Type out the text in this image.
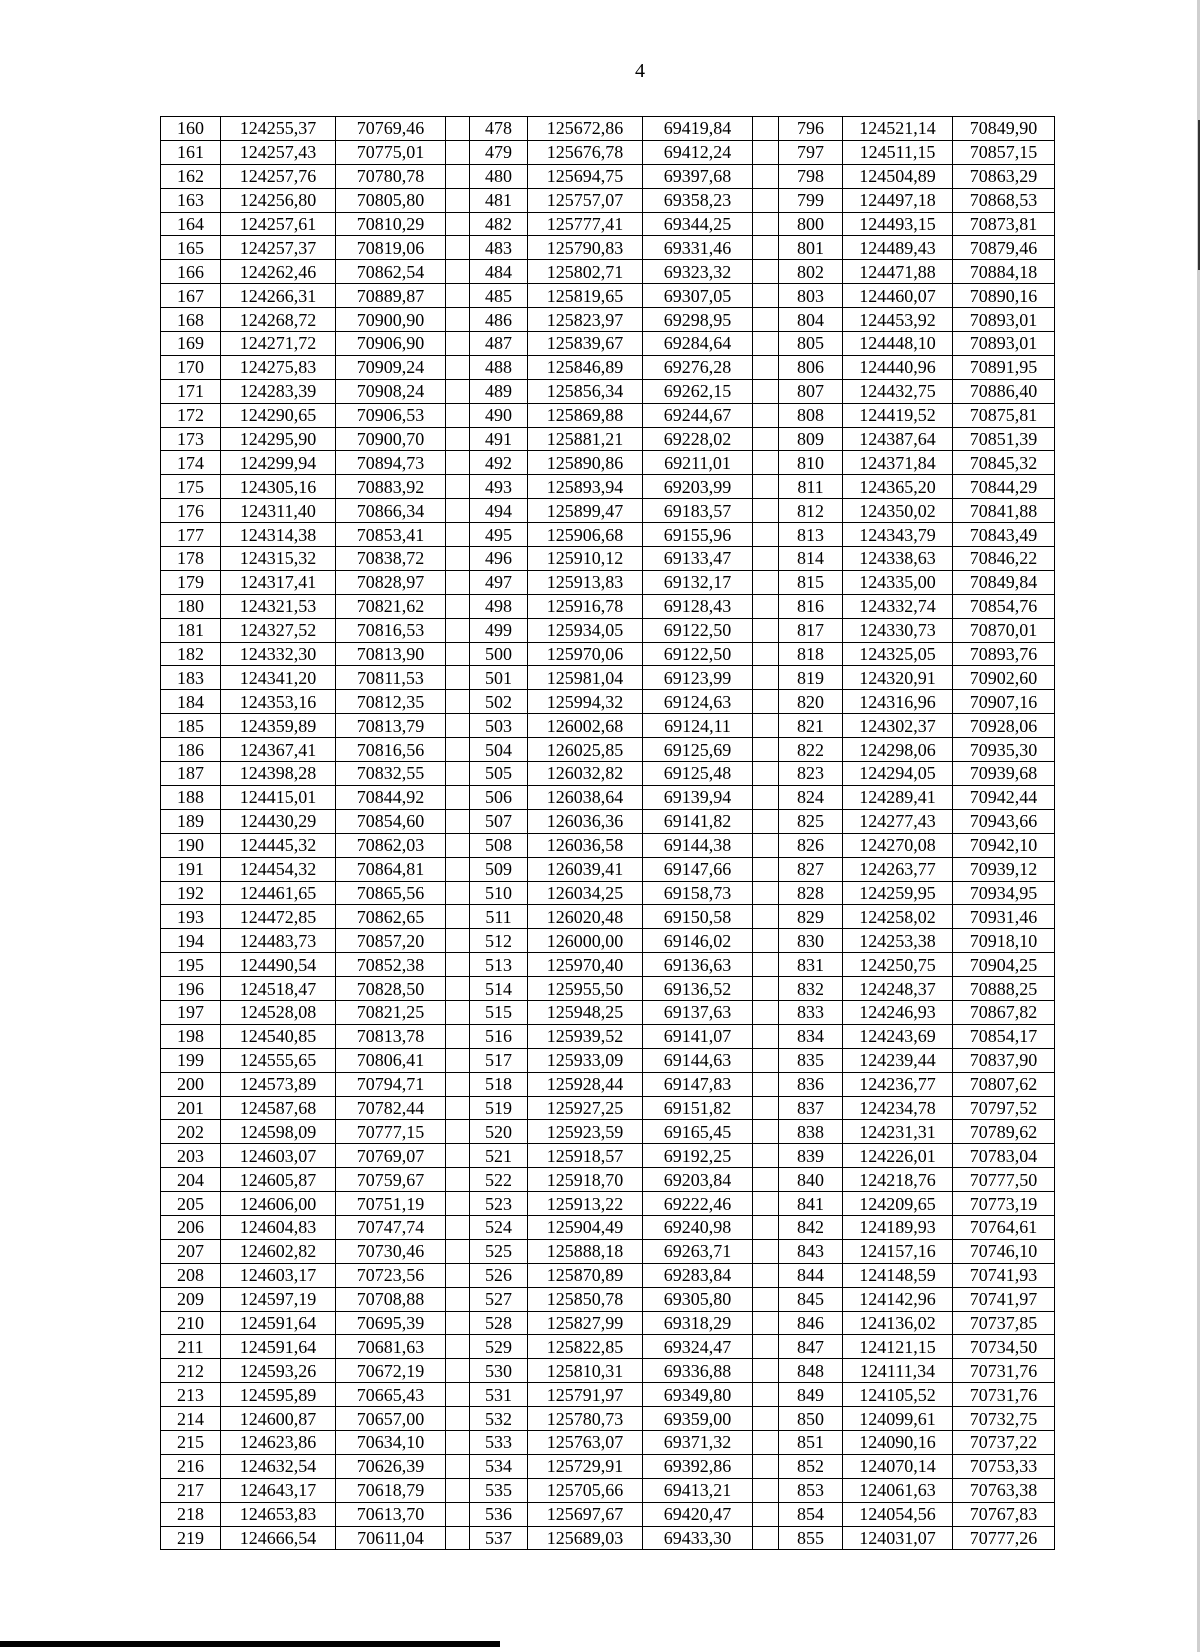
4
160	124255,37	70769,46		478	125672,86	69419,84		796	124521,14	70849,90
161	124257,43	70775,01		479	125676,78	69412,24		797	124511,15	70857,15
162	124257,76	70780,78		480	125694,75	69397,68		798	124504,89	70863,29
163	124256,80	70805,80		481	125757,07	69358,23		799	124497,18	70868,53
164	124257,61	70810,29		482	125777,41	69344,25		800	124493,15	70873,81
165	124257,37	70819,06		483	125790,83	69331,46		801	124489,43	70879,46
166	124262,46	70862,54		484	125802,71	69323,32		802	124471,88	70884,18
167	124266,31	70889,87		485	125819,65	69307,05		803	124460,07	70890,16
168	124268,72	70900,90		486	125823,97	69298,95		804	124453,92	70893,01
169	124271,72	70906,90		487	125839,67	69284,64		805	124448,10	70893,01
170	124275,83	70909,24		488	125846,89	69276,28		806	124440,96	70891,95
171	124283,39	70908,24		489	125856,34	69262,15		807	124432,75	70886,40
172	124290,65	70906,53		490	125869,88	69244,67		808	124419,52	70875,81
173	124295,90	70900,70		491	125881,21	69228,02		809	124387,64	70851,39
174	124299,94	70894,73		492	125890,86	69211,01		810	124371,84	70845,32
175	124305,16	70883,92		493	125893,94	69203,99		811	124365,20	70844,29
176	124311,40	70866,34		494	125899,47	69183,57		812	124350,02	70841,88
177	124314,38	70853,41		495	125906,68	69155,96		813	124343,79	70843,49
178	124315,32	70838,72		496	125910,12	69133,47		814	124338,63	70846,22
179	124317,41	70828,97		497	125913,83	69132,17		815	124335,00	70849,84
180	124321,53	70821,62		498	125916,78	69128,43		816	124332,74	70854,76
181	124327,52	70816,53		499	125934,05	69122,50		817	124330,73	70870,01
182	124332,30	70813,90		500	125970,06	69122,50		818	124325,05	70893,76
183	124341,20	70811,53		501	125981,04	69123,99		819	124320,91	70902,60
184	124353,16	70812,35		502	125994,32	69124,63		820	124316,96	70907,16
185	124359,89	70813,79		503	126002,68	69124,11		821	124302,37	70928,06
186	124367,41	70816,56		504	126025,85	69125,69		822	124298,06	70935,30
187	124398,28	70832,55		505	126032,82	69125,48		823	124294,05	70939,68
188	124415,01	70844,92		506	126038,64	69139,94		824	124289,41	70942,44
189	124430,29	70854,60		507	126036,36	69141,82		825	124277,43	70943,66
190	124445,32	70862,03		508	126036,58	69144,38		826	124270,08	70942,10
191	124454,32	70864,81		509	126039,41	69147,66		827	124263,77	70939,12
192	124461,65	70865,56		510	126034,25	69158,73		828	124259,95	70934,95
193	124472,85	70862,65		511	126020,48	69150,58		829	124258,02	70931,46
194	124483,73	70857,20		512	126000,00	69146,02		830	124253,38	70918,10
195	124490,54	70852,38		513	125970,40	69136,63		831	124250,75	70904,25
196	124518,47	70828,50		514	125955,50	69136,52		832	124248,37	70888,25
197	124528,08	70821,25		515	125948,25	69137,63		833	124246,93	70867,82
198	124540,85	70813,78		516	125939,52	69141,07		834	124243,69	70854,17
199	124555,65	70806,41		517	125933,09	69144,63		835	124239,44	70837,90
200	124573,89	70794,71		518	125928,44	69147,83		836	124236,77	70807,62
201	124587,68	70782,44		519	125927,25	69151,82		837	124234,78	70797,52
202	124598,09	70777,15		520	125923,59	69165,45		838	124231,31	70789,62
203	124603,07	70769,07		521	125918,57	69192,25		839	124226,01	70783,04
204	124605,87	70759,67		522	125918,70	69203,84		840	124218,76	70777,50
205	124606,00	70751,19		523	125913,22	69222,46		841	124209,65	70773,19
206	124604,83	70747,74		524	125904,49	69240,98		842	124189,93	70764,61
207	124602,82	70730,46		525	125888,18	69263,71		843	124157,16	70746,10
208	124603,17	70723,56		526	125870,89	69283,84		844	124148,59	70741,93
209	124597,19	70708,88		527	125850,78	69305,80		845	124142,96	70741,97
210	124591,64	70695,39		528	125827,99	69318,29		846	124136,02	70737,85
211	124591,64	70681,63		529	125822,85	69324,47		847	124121,15	70734,50
212	124593,26	70672,19		530	125810,31	69336,88		848	124111,34	70731,76
213	124595,89	70665,43		531	125791,97	69349,80		849	124105,52	70731,76
214	124600,87	70657,00		532	125780,73	69359,00		850	124099,61	70732,75
215	124623,86	70634,10		533	125763,07	69371,32		851	124090,16	70737,22
216	124632,54	70626,39		534	125729,91	69392,86		852	124070,14	70753,33
217	124643,17	70618,79		535	125705,66	69413,21		853	124061,63	70763,38
218	124653,83	70613,70		536	125697,67	69420,47		854	124054,56	70767,83
219	124666,54	70611,04		537	125689,03	69433,30		855	124031,07	70777,26
